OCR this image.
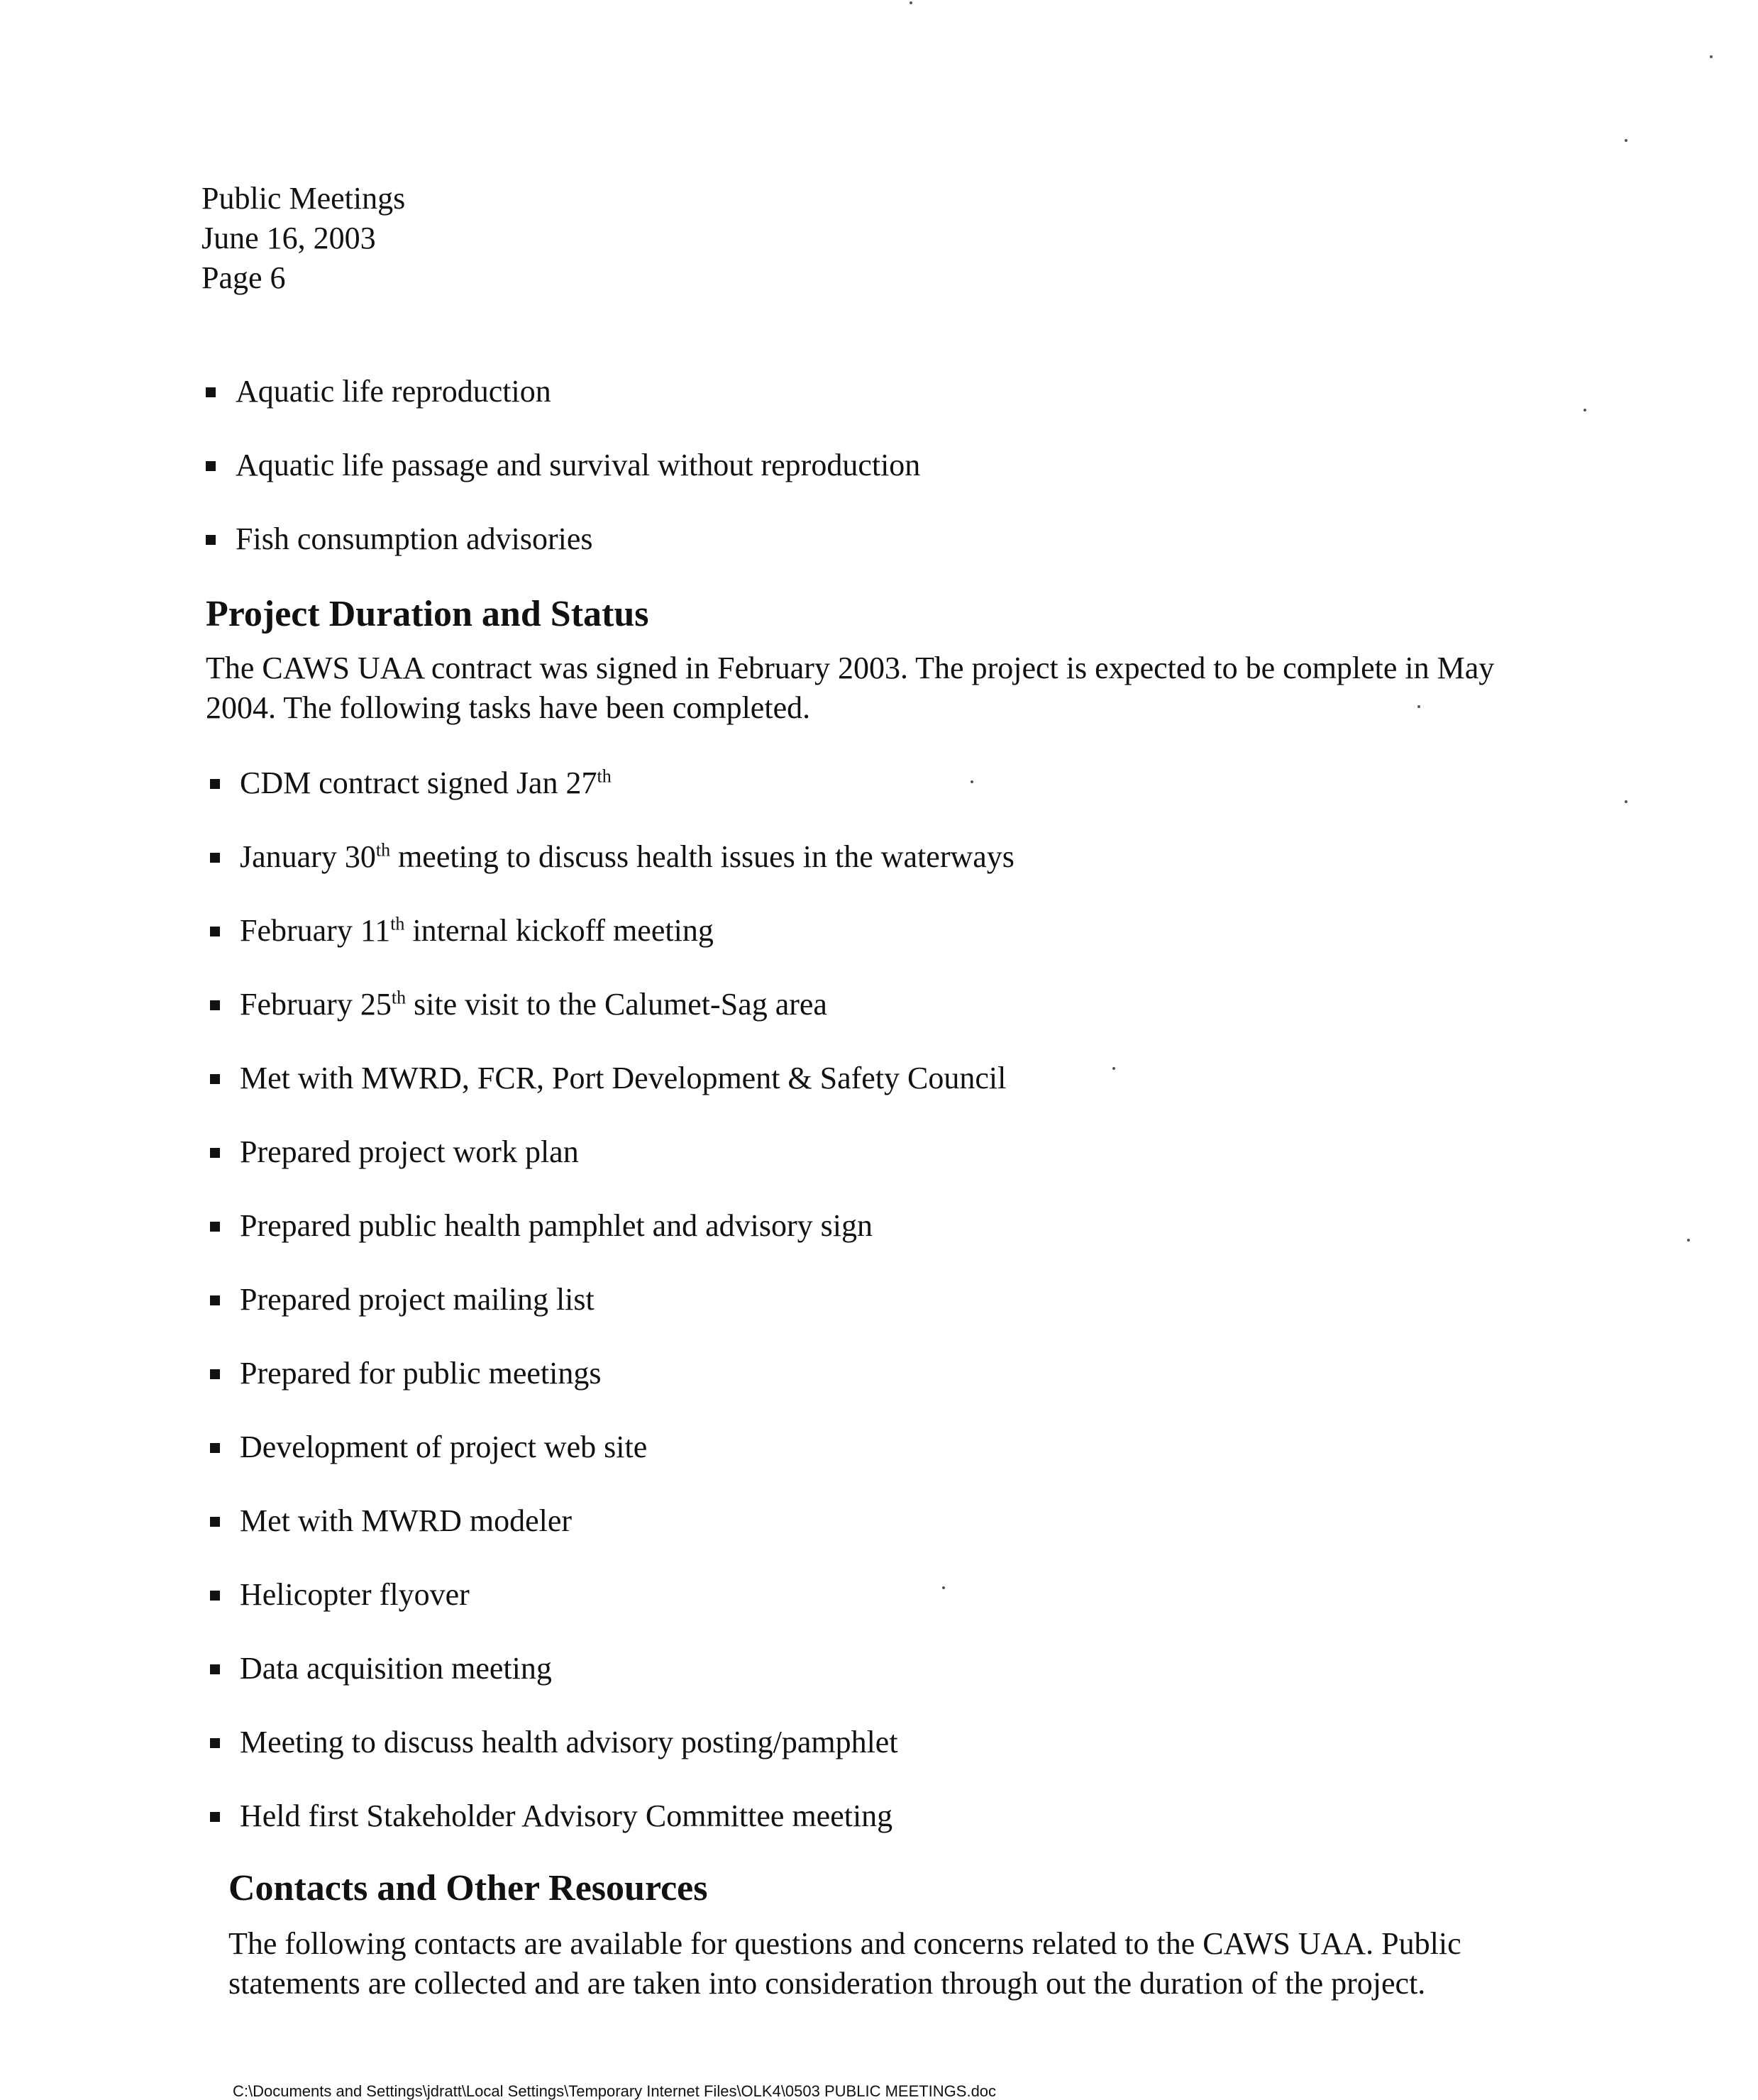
Public Meetings
June 16, 2003
Page 6
Aquatic life reproduction
Aquatic life passage and survival without reproduction
Fish consumption advisories
Project Duration and Status

The CAWS UAA contract was signed in February 2003. The project is expected to be complete in May 2004. The following tasks have been completed.

CDM contract signed Jan 27th
January 30th meeting to discuss health issues in the waterways
February 11th internal kickoff meeting
February 25th site visit to the Calumet-Sag area
Met with MWRD, FCR, Port Development & Safety Council
Prepared project work plan
Prepared public health pamphlet and advisory sign
Prepared project mailing list
Prepared for public meetings
Development of project web site
Met with MWRD modeler
Helicopter flyover
Data acquisition meeting
Meeting to discuss health advisory posting/pamphlet
Held first Stakeholder Advisory Committee meeting
Contacts and Other Resources

The following contacts are available for questions and concerns related to the CAWS UAA. Public statements are collected and are taken into consideration through out the duration of the project.

C:\Documents and Settings\jdratt\Local Settings\Temporary Internet Files\OLK4\0503 PUBLIC MEETINGS.doc
